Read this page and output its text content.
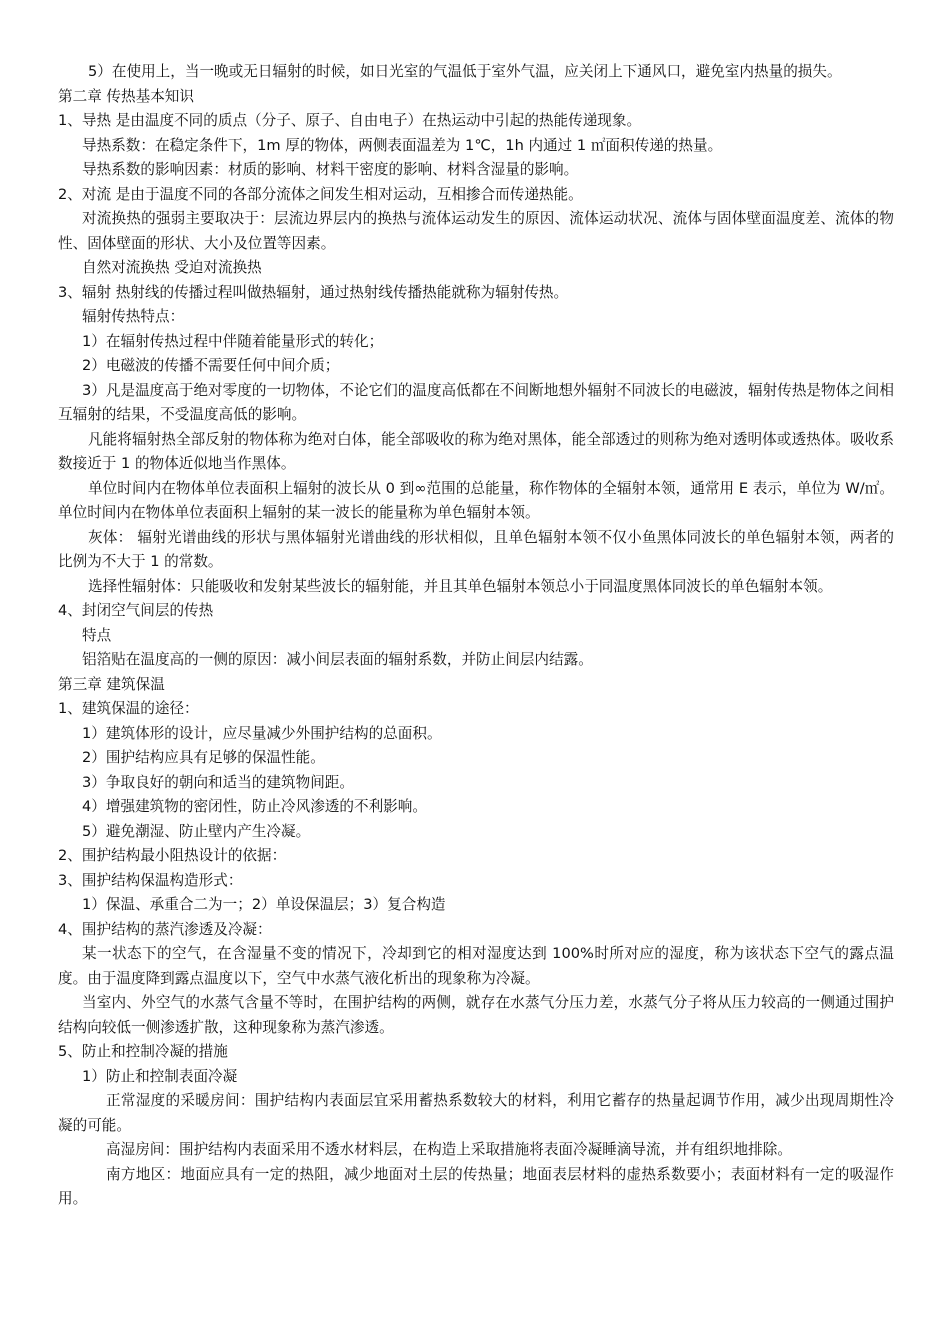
5）在使用上，当一晚或无日辐射的时候，如日光室的气温低于室外气温，应关闭上下通风口，避免室内热量的损失。

第二章 传热基本知识

1、导热 是由温度不同的质点（分子、原子、自由电子）在热运动中引起的热能传递现象。

导热系数：在稳定条件下，1m 厚的物体，两侧表面温差为 1℃，1h 内通过 1 ㎡面积传递的热量。

导热系数的影响因素：材质的影响、材料干密度的影响、材料含湿量的影响。

2、对流 是由于温度不同的各部分流体之间发生相对运动，互相掺合而传递热能。

对流换热的强弱主要取决于：层流边界层内的换热与流体运动发生的原因、流体运动状况、流体与固体壁面温度差、流体的物性、固体壁面的形状、大小及位置等因素。

自然对流换热 受迫对流换热

3、辐射 热射线的传播过程叫做热辐射，通过热射线传播热能就称为辐射传热。

辐射传热特点：

1）在辐射传热过程中伴随着能量形式的转化；

2）电磁波的传播不需要任何中间介质；

3）凡是温度高于绝对零度的一切物体，不论它们的温度高低都在不间断地想外辐射不同波长的电磁波，辐射传热是物体之间相互辐射的结果，不受温度高低的影响。

凡能将辐射热全部反射的物体称为绝对白体，能全部吸收的称为绝对黑体，能全部透过的则称为绝对透明体或透热体。吸收系数接近于 1 的物体近似地当作黑体。

单位时间内在物体单位表面积上辐射的波长从 0 到∞范围的总能量，称作物体的全辐射本领，通常用 E 表示，单位为 W/㎡。单位时间内在物体单位表面积上辐射的某一波长的能量称为单色辐射本领。

灰体： 辐射光谱曲线的形状与黑体辐射光谱曲线的形状相似，且单色辐射本领不仅小鱼黑体同波长的单色辐射本领，两者的比例为不大于 1 的常数。

选择性辐射体：只能吸收和发射某些波长的辐射能，并且其单色辐射本领总小于同温度黑体同波长的单色辐射本领。

4、封闭空气间层的传热

特点

铝箔贴在温度高的一侧的原因：减小间层表面的辐射系数，并防止间层内结露。

第三章 建筑保温

1、建筑保温的途径：

1）建筑体形的设计，应尽量减少外围护结构的总面积。

2）围护结构应具有足够的保温性能。

3）争取良好的朝向和适当的建筑物间距。

4）增强建筑物的密闭性，防止冷风渗透的不利影响。

5）避免潮湿、防止壁内产生冷凝。

2、围护结构最小阻热设计的依据：

3、围护结构保温构造形式：

1）保温、承重合二为一；2）单设保温层；3）复合构造

4、围护结构的蒸汽渗透及冷凝：

某一状态下的空气，在含湿量不变的情况下，冷却到它的相对湿度达到 100%时所对应的湿度，称为该状态下空气的露点温度。由于温度降到露点温度以下，空气中水蒸气液化析出的现象称为冷凝。

当室内、外空气的水蒸气含量不等时，在围护结构的两侧，就存在水蒸气分压力差，水蒸气分子将从压力较高的一侧通过围护结构向较低一侧渗透扩散，这种现象称为蒸汽渗透。

5、防止和控制冷凝的措施

1）防止和控制表面冷凝

正常湿度的采暖房间：围护结构内表面层宜采用蓄热系数较大的材料，利用它蓄存的热量起调节作用，减少出现周期性冷凝的可能。

高湿房间：围护结构内表面采用不透水材料层，在构造上采取措施将表面冷凝睡滴导流，并有组织地排除。

南方地区：地面应具有一定的热阻，减少地面对土层的传热量；地面表层材料的虚热系数要小；表面材料有一定的吸湿作用。
